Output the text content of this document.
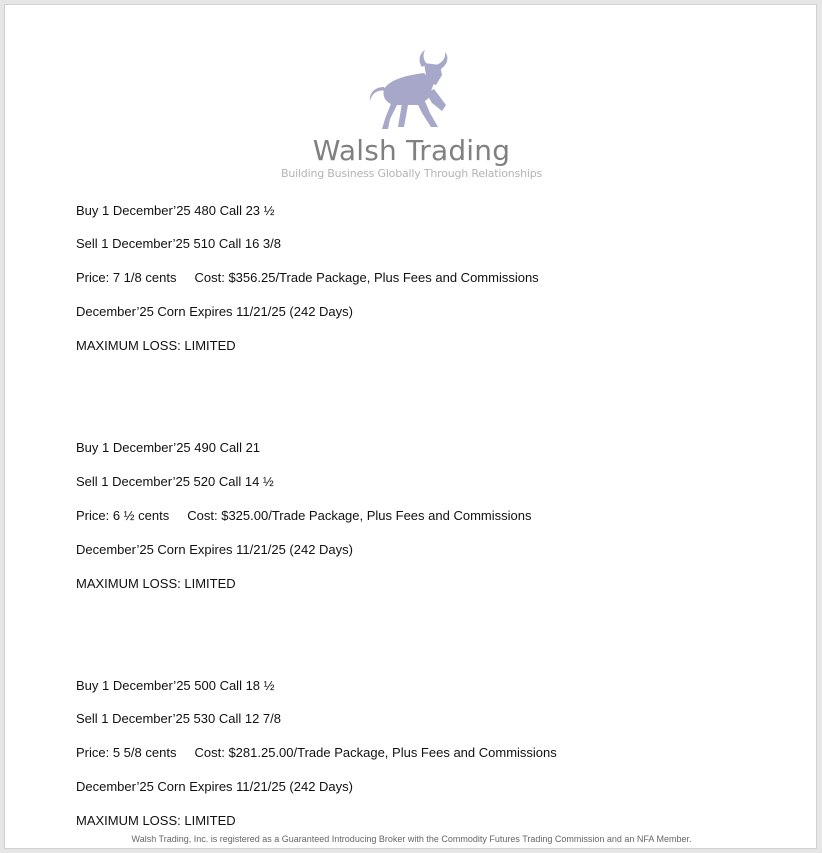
Walsh Trading
Building Business Globally Through Relationships
Buy 1 December’25 480 Call 23 ½
Sell 1 December’25 510 Call 16 3/8
Price: 7 1/8 cents     Cost: $356.25/Trade Package, Plus Fees and Commissions
December’25 Corn Expires 11/21/25 (242 Days)
MAXIMUM LOSS: LIMITED
Buy 1 December’25 490 Call 21
Sell 1 December’25 520 Call 14 ½
Price: 6 ½ cents     Cost: $325.00/Trade Package, Plus Fees and Commissions
December’25 Corn Expires 11/21/25 (242 Days)
MAXIMUM LOSS: LIMITED
Buy 1 December’25 500 Call 18 ½
Sell 1 December’25 530 Call 12 7/8
Price: 5 5/8 cents     Cost: $281.25.00/Trade Package, Plus Fees and Commissions
December’25 Corn Expires 11/21/25 (242 Days)
MAXIMUM LOSS: LIMITED
Walsh Trading, Inc. is registered as a Guaranteed Introducing Broker with the Commodity Futures Trading Commission and an NFA Member.
